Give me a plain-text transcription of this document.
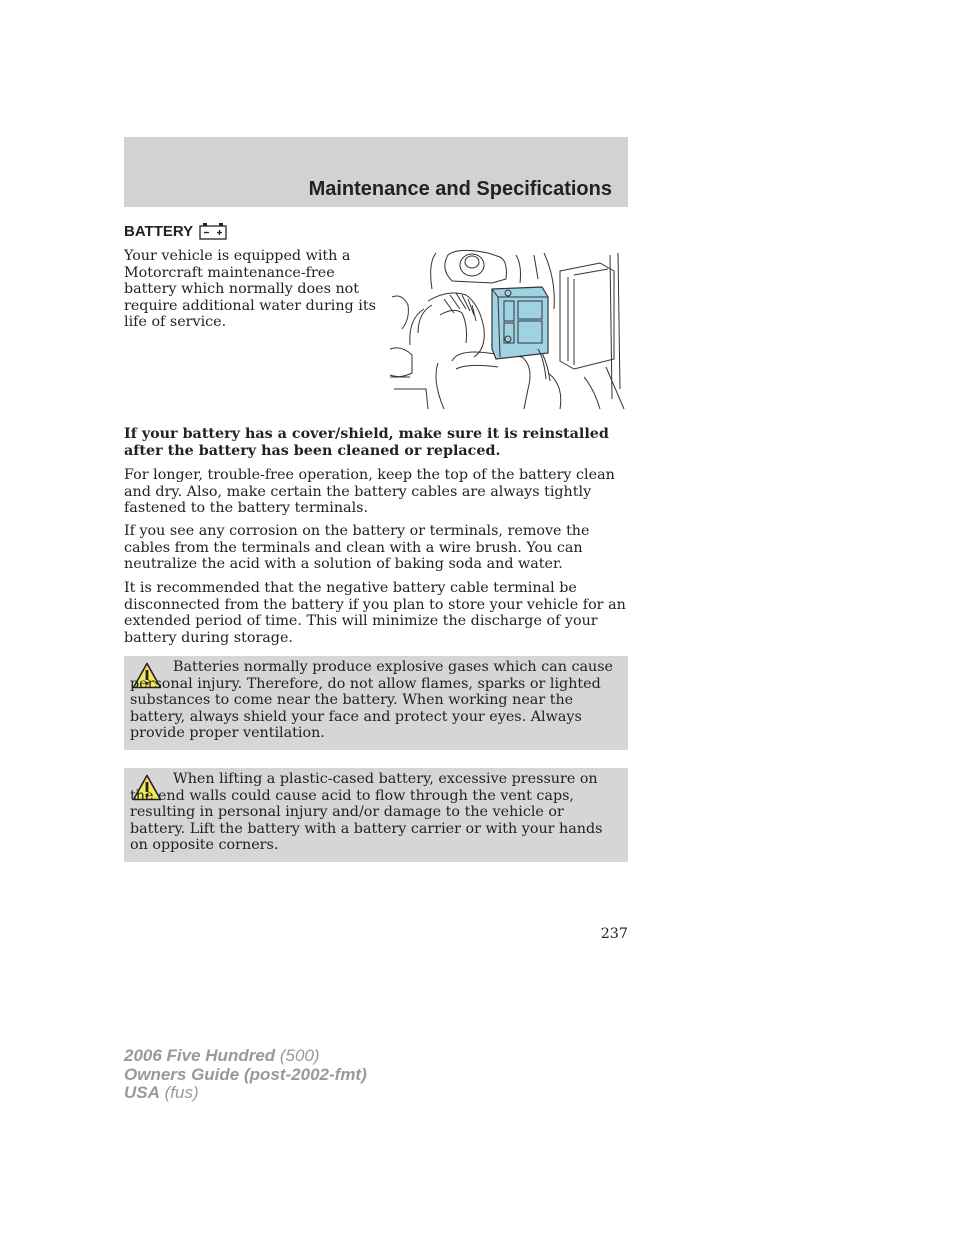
Maintenance and Specifications
BATTERY

Your vehicle is equipped with a Motorcraft maintenance-free battery which normally does not require additional water during its life of service.

If your battery has a cover/shield, make sure it is reinstalled after the battery has been cleaned or replaced.

For longer, trouble-free operation, keep the top of the battery clean and dry. Also, make certain the battery cables are always tightly fastened to the battery terminals.

If you see any corrosion on the battery or terminals, remove the cables from the terminals and clean with a wire brush. You can neutralize the acid with a solution of baking soda and water.

It is recommended that the negative battery cable terminal be disconnected from the battery if you plan to store your vehicle for an extended period of time. This will minimize the discharge of your battery during storage.

Batteries normally produce explosive gases which can cause personal injury. Therefore, do not allow flames, sparks or lighted substances to come near the battery. When working near the battery, always shield your face and protect your eyes. Always provide proper ventilation.

When lifting a plastic-cased battery, excessive pressure on the end walls could cause acid to flow through the vent caps, resulting in personal injury and/or damage to the vehicle or battery. Lift the battery with a battery carrier or with your hands on opposite corners.

237
2006 Five Hundred (500)
Owners Guide (post-2002-fmt)
USA (fus)
